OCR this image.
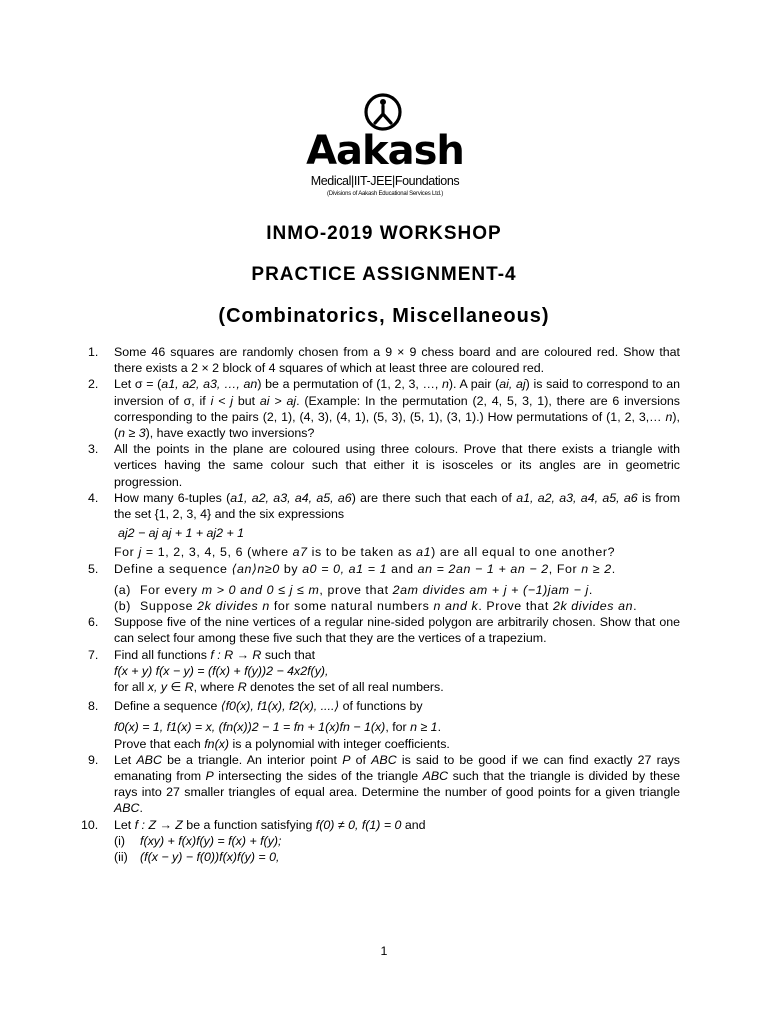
Aakash
Medical|IIT-JEE|Foundations
(Divisions of Aakash Educational Services Ltd.)
INMO-2019 WORKSHOP
PRACTICE ASSIGNMENT-4
(Combinatorics, Miscellaneous)
1. Some 46 squares are randomly chosen from a 9 × 9 chess board and are coloured red. Show that there exists a 2 × 2 block of 4 squares of which at least three are coloured red.
2. Let σ = (a1, a2, a3, …, an) be a permutation of (1, 2, 3, …, n). A pair (ai, aj) is said to correspond to an inversion of σ, if i < j but ai > aj. (Example: In the permutation (2, 4, 5, 3, 1), there are 6 inversions corresponding to the pairs (2, 1), (4, 3), (4, 1), (5, 3), (5, 1), (3, 1).) How permutations of (1, 2, 3,… n), (n ≥ 3), have exactly two inversions?
3. All the points in the plane are coloured using three colours. Prove that there exists a triangle with vertices having the same colour such that either it is isosceles or its angles are in geometric progression.
4. How many 6-tuples (a1, a2, a3, a4, a5, a6) are there such that each of a1, a2, a3, a4, a5, a6 is from the set {1, 2, 3, 4} and the six expressions
aj2 − aj aj + 1 + aj2 + 1
For j = 1, 2, 3, 4, 5, 6 (where a7 is to be taken as a1) are all equal to one another?
5. Define a sequence ⟨an⟩n≥0 by a0 = 0, a1 = 1 and an = 2an − 1 + an − 2, For n ≥ 2.
(a) For every m > 0 and 0 ≤ j ≤ m, prove that 2am divides am + j + (−1)jam − j.
(b) Suppose 2k divides n for some natural numbers n and k. Prove that 2k divides an.
6. Suppose five of the nine vertices of a regular nine-sided polygon are arbitrarily chosen. Show that one can select four among these five such that they are the vertices of a trapezium.
7. Find all functions f : R → R such that
f(x + y) f(x − y) = (f(x) + f(y))2 − 4x2f(y),
for all x, y ∈ R, where R denotes the set of all real numbers.
8. Define a sequence ⟨f0(x), f1(x), f2(x), ....⟩ of functions by
f0(x) = 1, f1(x) = x, (fn(x))2 − 1 = fn + 1(x)fn − 1(x), for n ≥ 1.
Prove that each fn(x) is a polynomial with integer coefficients.
9. Let ABC be a triangle. An interior point P of ABC is said to be good if we can find exactly 27 rays emanating from P intersecting the sides of the triangle ABC such that the triangle is divided by these rays into 27 smaller triangles of equal area. Determine the number of good points for a given triangle ABC.
10. Let f : Z → Z be a function satisfying f(0) ≠ 0, f(1) = 0 and
(i) f(xy) + f(x)f(y) = f(x) + f(y);
(ii) (f(x − y) − f(0))f(x)f(y) = 0,
1
